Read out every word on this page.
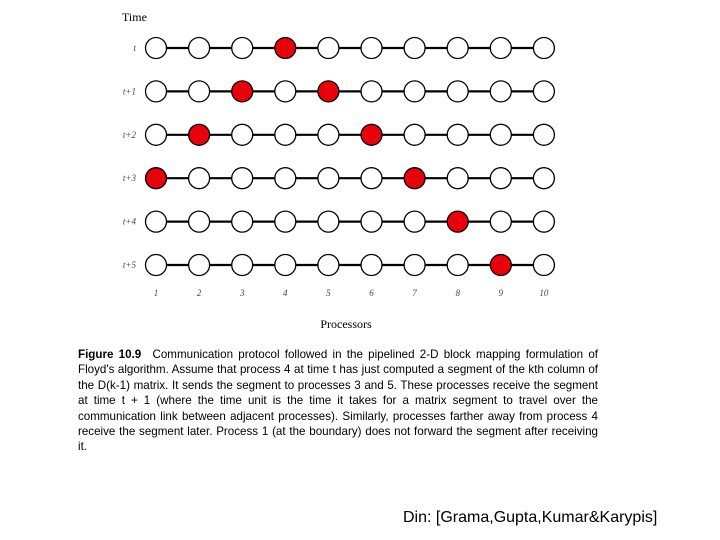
Time
t
t+1
t+2
t+3
t+4
t+5
1	2	3	4	5	6	7	8	9	10
Processors
Figure 10.9 Communication protocol followed in the pipelined 2-D block mapping formulation of Floyd's algorithm. Assume that process 4 at time t has just computed a segment of the kth column of the D(k-1) matrix. It sends the segment to processes 3 and 5. These processes receive the segment at time t + 1 (where the time unit is the time it takes for a matrix segment to travel over the communication link between adjacent processes). Similarly, processes farther away from process 4 receive the segment later. Process 1 (at the boundary) does not forward the segment after receiving it.
Din: [Grama,Gupta,Kumar&Karypis]
